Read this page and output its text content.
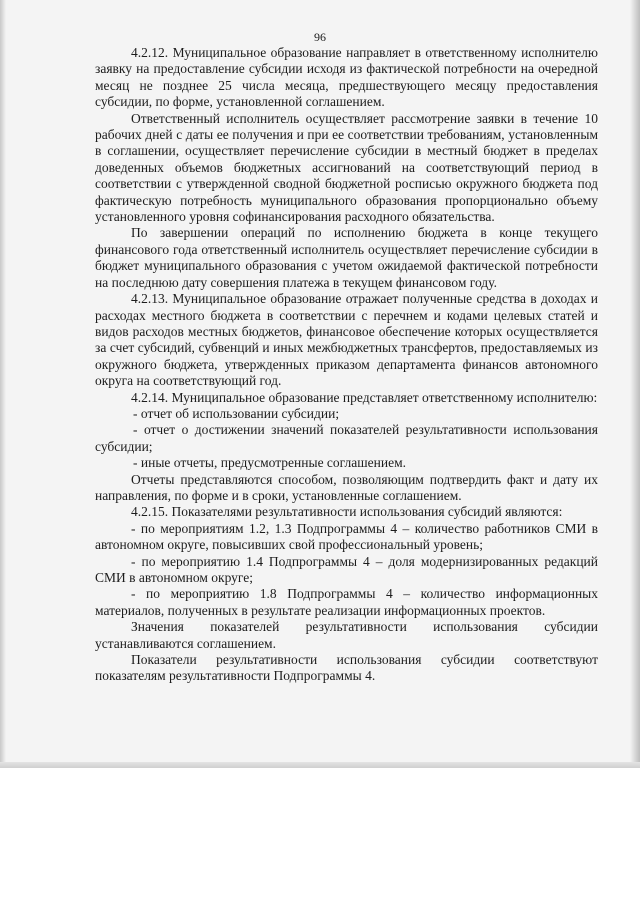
96

4.2.12. Муниципальное образование направляет в ответственному исполнителю заявку на предоставление субсидии исходя из фактической потребности на очередной месяц не позднее 25 числа месяца, предшествующего месяцу предоставления субсидии, по форме, установленной соглашением.

Ответственный исполнитель осуществляет рассмотрение заявки в течение 10 рабочих дней с даты ее получения и при ее соответствии требованиям, установленным в соглашении, осуществляет перечисление субсидии в местный бюджет в пределах доведенных объемов бюджетных ассигнований на соответствующий период в соответствии с утвержденной сводной бюджетной росписью окружного бюджета под фактическую потребность муниципального образования пропорционально объему установленного уровня софинансирования расходного обязательства.

По завершении операций по исполнению бюджета в конце текущего финансового года ответственный исполнитель осуществляет перечисление субсидии в бюджет муниципального образования с учетом ожидаемой фактической потребности на последнюю дату совершения платежа в текущем финансовом году.

4.2.13. Муниципальное образование отражает полученные средства в доходах и расходах местного бюджета в соответствии с перечнем и кодами целевых статей и видов расходов местных бюджетов, финансовое обеспечение которых осуществляется за счет субсидий, субвенций и иных межбюджетных трансфертов, предоставляемых из окружного бюджета, утвержденных приказом департамента финансов автономного округа на соответствующий год.

4.2.14. Муниципальное образование представляет ответственному исполнителю:

- отчет об использовании субсидии;

- отчет о достижении значений показателей результативности использования субсидии;

- иные отчеты, предусмотренные соглашением.

Отчеты представляются способом, позволяющим подтвердить факт и дату их направления, по форме и в сроки, установленные соглашением.

4.2.15. Показателями результативности использования субсидий являются:

- по мероприятиям 1.2, 1.3 Подпрограммы 4 – количество работников СМИ в автономном округе, повысивших свой профессиональный уровень;

- по мероприятию 1.4 Подпрограммы 4 – доля модернизированных редакций СМИ в автономном округе;

- по мероприятию 1.8 Подпрограммы 4 – количество информационных материалов, полученных в результате реализации информационных проектов.

Значения показателей результативности использования субсидии устанавливаются соглашением.

Показатели результативности использования субсидии соответствуют показателям результативности Подпрограммы 4.
